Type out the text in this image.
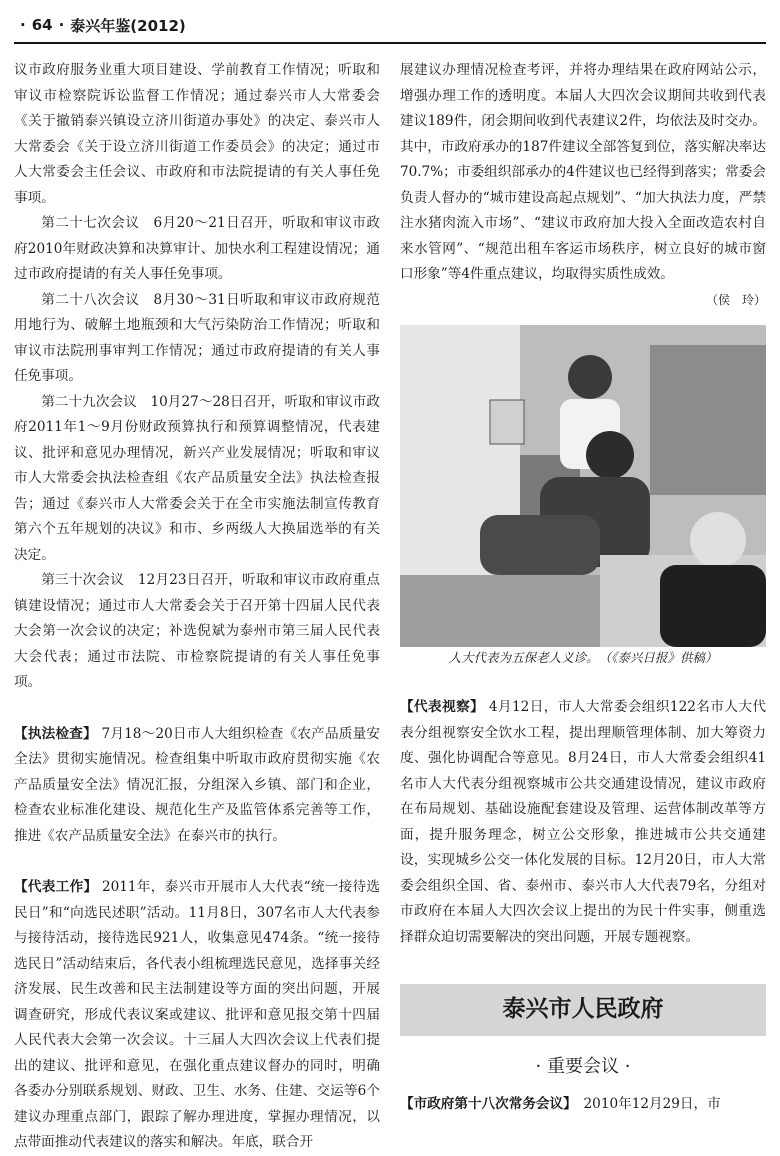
· 64 · 泰兴年鉴(2012)

议市政府服务业重大项目建设、学前教育工作情况；听取和审议市检察院诉讼监督工作情况；通过泰兴市人大常委会《关于撤销泰兴镇设立济川街道办事处》的决定、泰兴市人大常委会《关于设立济川街道工作委员会》的决定；通过市人大常委会主任会议、市政府和市法院提请的有关人事任免事项。

第二十七次会议　 6月20～21日召开，听取和审议市政府2010年财政决算和决算审计、加快水利工程建设情况；通过市政府提请的有关人事任免事项。

第二十八次会议　 8月30～31日听取和审议市政府规范用地行为、破解土地瓶颈和大气污染防治工作情况；听取和审议市法院刑事审判工作情况；通过市政府提请的有关人事任免事项。

第二十九次会议　 10月27～28日召开，听取和审议市政府2011年1～9月份财政预算执行和预算调整情况，代表建议、批评和意见办理情况，新兴产业发展情况；听取和审议市人大常委会执法检查组《农产品质量安全法》执法检查报告；通过《泰兴市人大常委会关于在全市实施法制宣传教育第六个五年规划的决议》和市、乡两级人大换届选举的有关决定。

第三十次会议　 12月23日召开，听取和审议市政府重点镇建设情况；通过市人大常委会关于召开第十四届人民代表大会第一次会议的决定；补选倪斌为泰州市第三届人民代表大会代表；通过市法院、市检察院提请的有关人事任免事项。

【执法检查】 7月18～20日市人大组织检查《农产品质量安全法》贯彻实施情况。检查组集中听取市政府贯彻实施《农产品质量安全法》情况汇报，分组深入乡镇、部门和企业，检查农业标准化建设、规范化生产及监管体系完善等工作，推进《农产品质量安全法》在泰兴市的执行。

【代表工作】 2011年，泰兴市开展市人大代表“统一接待选民日”和“向选民述职”活动。11月8日，307名市人大代表参与接待活动，接待选民921人，收集意见474条。“统一接待选民日”活动结束后，各代表小组梳理选民意见，选择事关经济发展、民生改善和民主法制建设等方面的突出问题，开展调查研究，形成代表议案或建议、批评和意见报交第十四届人民代表大会第一次会议。十三届人大四次会议上代表们提出的建议、批评和意见，在强化重点建议督办的同时，明确各委办分别联系规划、财政、卫生、水务、住建、交运等6个建议办理重点部门，跟踪了解办理进度，掌握办理情况，以点带面推动代表建议的落实和解决。年底，联合开

展建议办理情况检查考评，并将办理结果在政府网站公示，增强办理工作的透明度。本届人大四次会议期间共收到代表建议189件，闭会期间收到代表建议2件，均依法及时交办。其中，市政府承办的187件建议全部答复到位，落实解决率达70.7%；市委组织部承办的4件建议也已经得到落实；常委会负责人督办的“城市建设高起点规划”、“加大执法力度，严禁注水猪肉流入市场”、“建议市政府加大投入全面改造农村自来水管网”、“规范出租车客运市场秩序，树立良好的城市窗口形象”等4件重点建议，均取得实质性成效。

（侯　玲）

人大代表为五保老人义诊。　（《泰兴日报》供稿）

【代表视察】 4月12日，市人大常委会组织122名市人大代表分组视察安全饮水工程，提出理顺管理体制、加大筹资力度、强化协调配合等意见。8月24日，市人大常委会组织41名市人大代表分组视察城市公共交通建设情况，建议市政府在布局规划、基础设施配套建设及管理、运营体制改革等方面，提升服务理念，树立公交形象，推进城市公共交通建设，实现城乡公交一体化发展的目标。12月20日，市人大常委会组织全国、省、泰州市、泰兴市人大代表79名，分组对市政府在本届人大四次会议上提出的为民十件实事，侧重选择群众迫切需要解决的突出问题，开展专题视察。

泰兴市人民政府
· 重要会议 ·

【市政府第十八次常务会议】　 2010年12月29日，市
